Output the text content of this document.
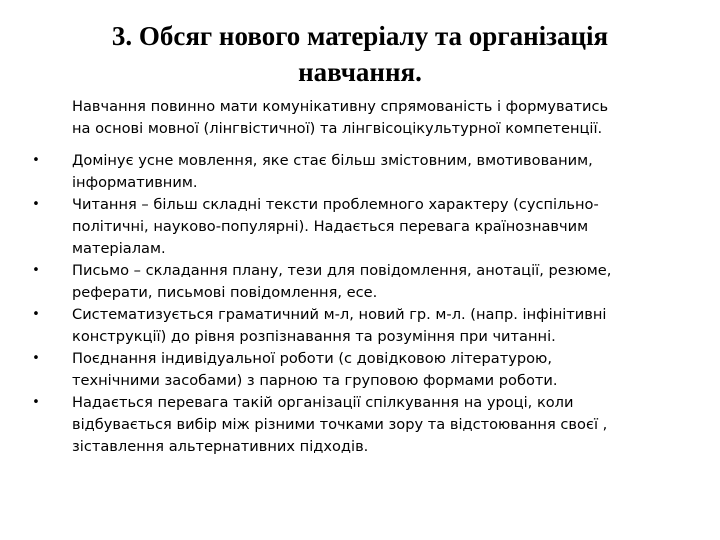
3. Обсяг нового матеріалу та організація
навчання.

Навчання повинно мати комунікативну спрямованість і формуватись
на основі мовної (лінгвістичної) та лінгвісоцікультурної компетенції.

• Домінує усне мовлення, яке стає більш змістовним, вмотивованим,
інформативним.
• Читання – більш складні тексти проблемного характеру (суспільно-
політичні, науково-популярні). Надається перевага країнознавчим
матеріалам.
• Письмо – складання плану, тези для повідомлення, анотації, резюме,
реферати, письмові повідомлення, есе.
• Систематизується граматичний м-л, новий гр. м-л. (напр. інфінітивні
конструкції) до рівня розпізнавання та розуміння при читанні.
• Поєднання індивідуальної роботи (с довідковою літературою,
технічними засобами) з парною та груповою формами роботи.
• Надається перевага такій організації спілкування на уроці, коли
відбувається вибір між різними точками зору та відстоювання своєї ,
зіставлення альтернативних підходів.
